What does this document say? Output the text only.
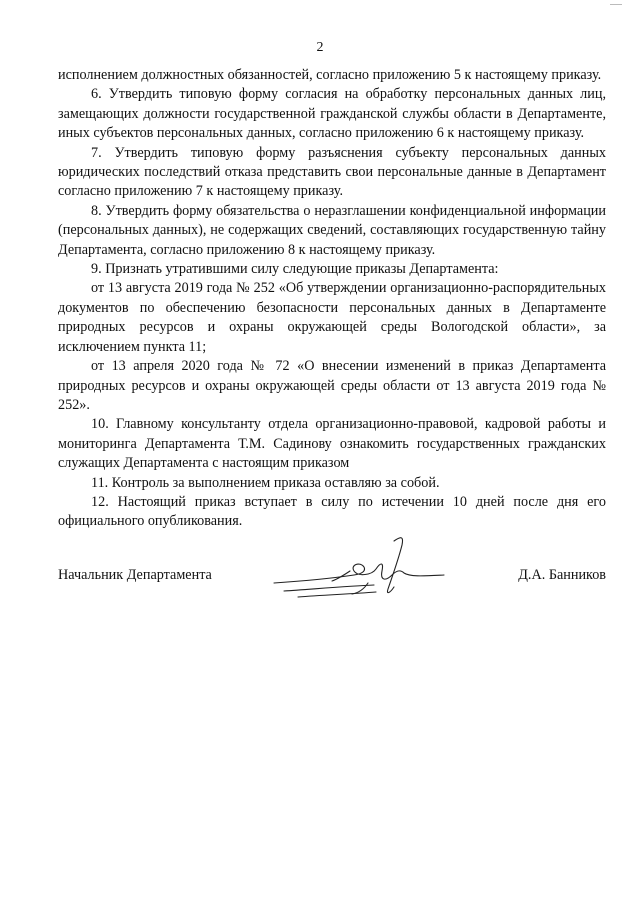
2

исполнением должностных обязанностей, согласно приложению 5 к настоящему приказу.

6. Утвердить типовую форму согласия на обработку персональных данных лиц, замещающих должности государственной гражданской службы области в Департаменте, иных субъектов персональных данных, согласно приложению 6 к настоящему приказу.

7. Утвердить типовую форму разъяснения субъекту персональных данных юридических последствий отказа представить свои персональные данные в Департамент согласно приложению 7 к настоящему приказу.

8. Утвердить форму обязательства о неразглашении конфиденциальной информации (персональных данных), не содержащих сведений, составляющих государственную тайну Департамента, согласно приложению 8 к настоящему приказу.

9. Признать утратившими силу следующие приказы Департамента:

от 13 августа 2019 года № 252 «Об утверждении организационно-распорядительных документов по обеспечению безопасности персональных данных в Департаменте природных ресурсов и охраны окружающей среды Вологодской области», за исключением пункта 11;

от 13 апреля 2020 года № 72 «О внесении изменений в приказ Департамента природных ресурсов и охраны окружающей среды области от 13 августа 2019 года № 252».

10. Главному консультанту отдела организационно-правовой, кадровой работы и мониторинга Департамента Т.М. Садинову ознакомить государственных гражданских служащих Департамента с настоящим приказом

11. Контроль за выполнением приказа оставляю за собой.

12. Настоящий приказ вступает в силу по истечении 10 дней после дня его официального опубликования.

Начальник Департамента	Д.А. Банников
